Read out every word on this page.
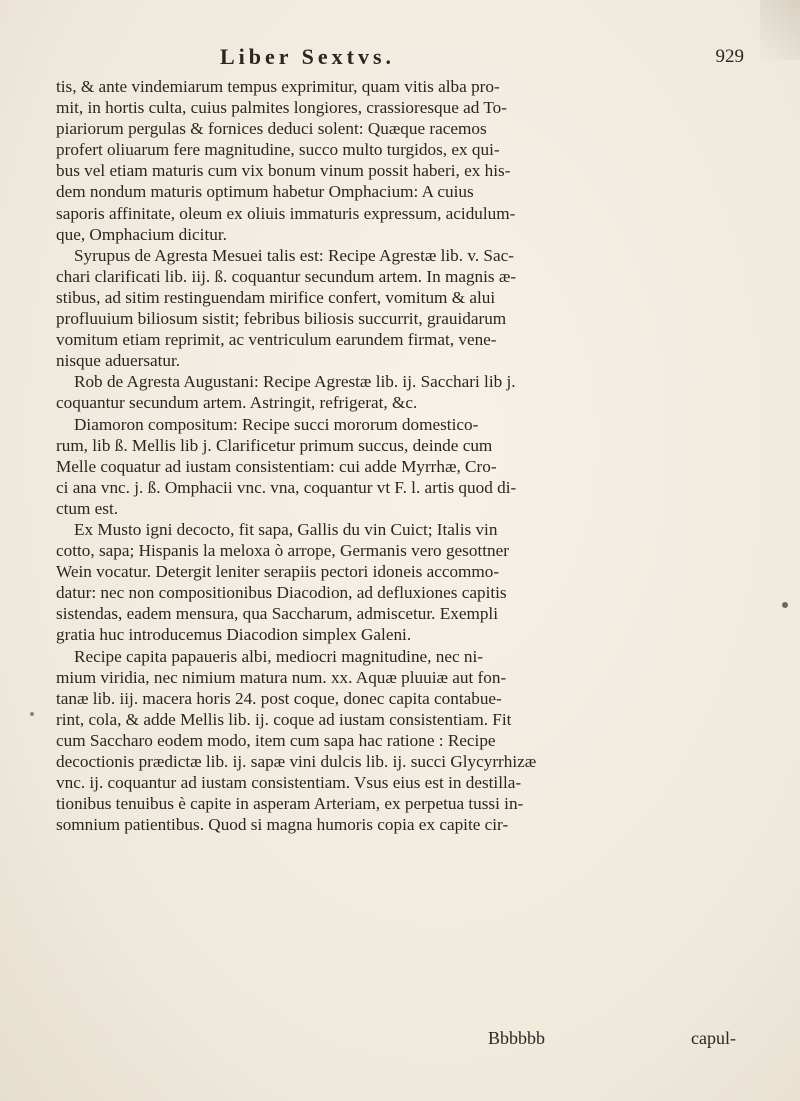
Liber Sextvs.	929
tis, & ante vindemiarum tempus exprimitur, quam vitis alba pro-
mit, in hortis culta, cuius palmites longiores, crassioresque ad To-
piariorum pergulas & fornices deduci solent: Quæque racemos
profert oliuarum fere magnitudine, succo multo turgidos, ex qui-
bus vel etiam maturis cum vix bonum vinum possit haberi, ex his-
dem nondum maturis optimum habetur Omphacium: A cuius
saporis affinitate, oleum ex oliuis immaturis expressum, acidulum-
que, Omphacium dicitur.
Syrupus de Agresta Mesuei talis est: Recipe Agrestæ lib. v. Sac-
chari clarificati lib. iij. ß. coquantur secundum artem. In magnis æ-
stibus, ad sitim restinguendam mirifice confert, vomitum & alui
profluuium biliosum sistit; febribus biliosis succurrit, grauidarum
vomitum etiam reprimit, ac ventriculum earundem firmat, vene-
nisque aduersatur.
Rob de Agresta Augustani: Recipe Agrestæ lib. ij. Sacchari lib j.
coquantur secundum artem. Astringit, refrigerat, &c.
Diamoron compositum: Recipe succi mororum domestico-
rum, lib ß. Mellis lib j. Clarificetur primum succus, deinde cum
Melle coquatur ad iustam consistentiam: cui adde Myrrhæ, Cro-
ci ana vnc. j. ß. Omphacii vnc. vna, coquantur vt F. l. artis quod di-
ctum est.
Ex Musto igni decocto, fit sapa, Gallis du vin Cuict; Italis vin
cotto, sapa; Hispanis la meloxa ò arrope, Germanis vero gesottner
Wein vocatur. Detergit leniter serapiis pectori idoneis accommo-
datur: nec non compositionibus Diacodion, ad defluxiones capitis
sistendas, eadem mensura, qua Saccharum, admiscetur. Exempli
gratia huc introducemus Diacodion simplex Galeni.
Recipe capita papaueris albi, mediocri magnitudine, nec ni-
mium viridia, nec nimium matura num. xx. Aquæ pluuiæ aut fon-
tanæ lib. iij. macera horis 24. post coque, donec capita contabue-
rint, cola, & adde Mellis lib. ij. coque ad iustam consistentiam. Fit
cum Saccharo eodem modo, item cum sapa hac ratione : Recipe
decoctionis prædictæ lib. ij. sapæ vini dulcis lib. ij. succi Glycyrrhizæ
vnc. ij. coquantur ad iustam consistentiam. Vsus eius est in destilla-
tionibus tenuibus è capite in asperam Arteriam, ex perpetua tussi in-
somnium patientibus. Quod si magna humoris copia ex capite cir-
Bbbbbb	capul-
